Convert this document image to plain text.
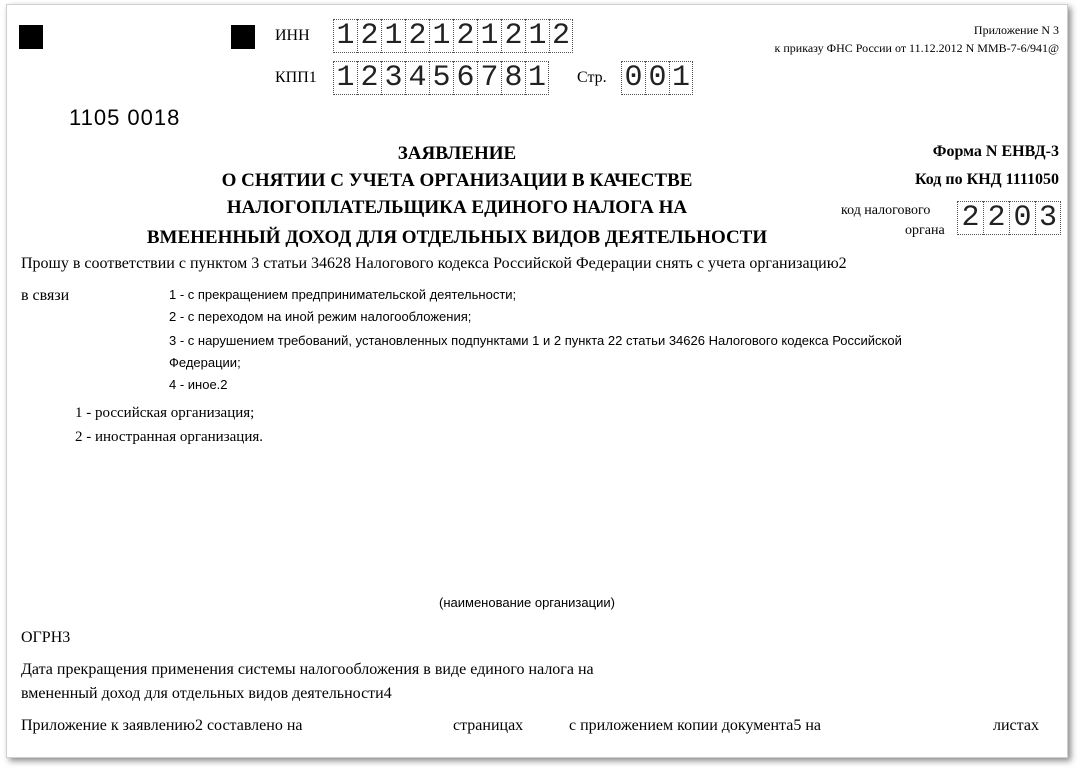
1105 0018
ИНН 1 2 1 2 1 2 1 2 1 2
КПП1 1 2 3 4 5 6 7 8 1 Стр. 0 0 1
Приложение N 3
к приказу ФНС России от 11.12.2012 N ММВ-7-6/941@
ЗАЯВЛЕНИЕ
О СНЯТИИ С УЧЕТА ОРГАНИЗАЦИИ В КАЧЕСТВЕ
НАЛОГОПЛАТЕЛЬЩИКА ЕДИНОГО НАЛОГА НА
ВМЕНЕННЫЙ ДОХОД ДЛЯ ОТДЕЛЬНЫХ ВИДОВ ДЕЯТЕЛЬНОСТИ
Форма N ЕНВД-3
Код по КНД 1111050
код налогового
органа 2 2 0 3
Прошу в соответствии с пунктом 3 статьи 34628 Налогового кодекса Российской Федерации снять с учета организацию2
в связи	1 - с прекращением предпринимательской деятельности;
2 - с переходом на иной режим налогообложения;
3 - с нарушением требований, установленных подпунктами 1 и 2 пункта 22 статьи 34626 Налоговогo кодекса Российской
Федерации;
4 - иное.2
1 - российская организация;
2 - иностранная организация.
(наименование организации)
ОГРН3
Дата прекращения применения системы налогообложения в виде единого налога на
вмененный доход для отдельных видов деятельности4
Приложение к заявлению2 составлено на	страницах	с приложением копии документа5 на	листах
